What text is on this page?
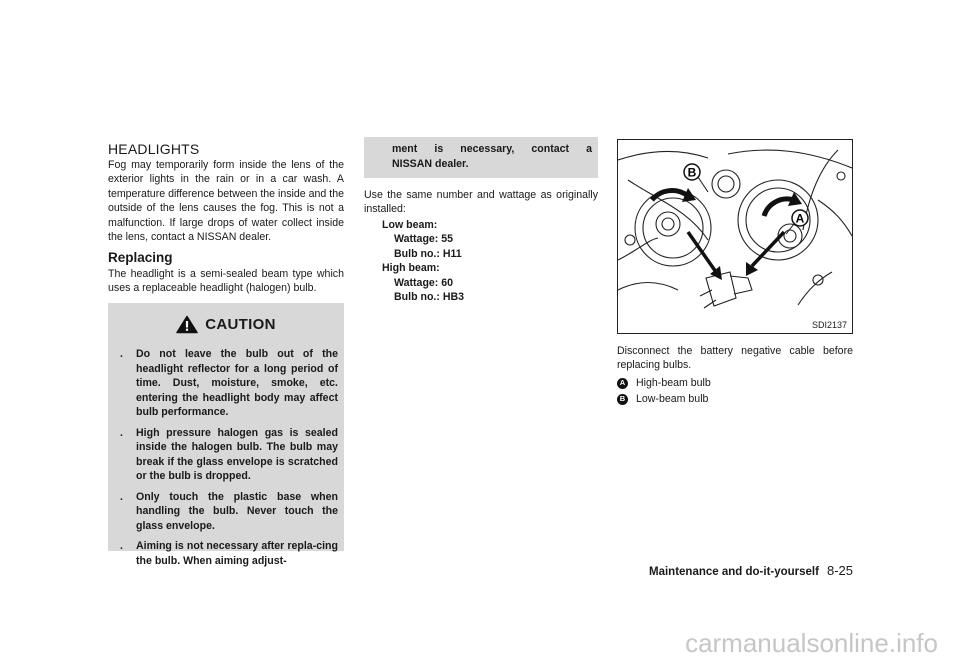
HEADLIGHTS

Fog may temporarily form inside the lens of the exterior lights in the rain or in a car wash. A temperature difference between the inside and the outside of the lens causes the fog. This is not a malfunction. If large drops of water collect inside the lens, contact a NISSAN dealer.

Replacing

The headlight is a semi-sealed beam type which uses a replaceable headlight (halogen) bulb.

CAUTION
.	Do not leave the bulb out of the headlight reflector for a long period of time. Dust, moisture, smoke, etc. entering the headlight body may affect bulb performance.
.	High pressure halogen gas is sealed inside the halogen bulb. The bulb may break if the glass envelope is scratched or the bulb is dropped.
.	Only touch the plastic base when handling the bulb. Never touch the glass envelope.
.	Aiming is not necessary after repla-cing the bulb. When aiming adjust-
ment is necessary, contact a
NISSAN dealer.

Use the same number and wattage as originally installed:

Low beam:
Wattage: 55
Bulb no.: H11
High beam:
Wattage: 60
Bulb no.: HB3
B
A
SDI2137

Disconnect the battery negative cable before replacing bulbs.

A High-beam bulb
B Low-beam bulb
Maintenance and do-it-yourself 8-25
carmanualsonline.info
